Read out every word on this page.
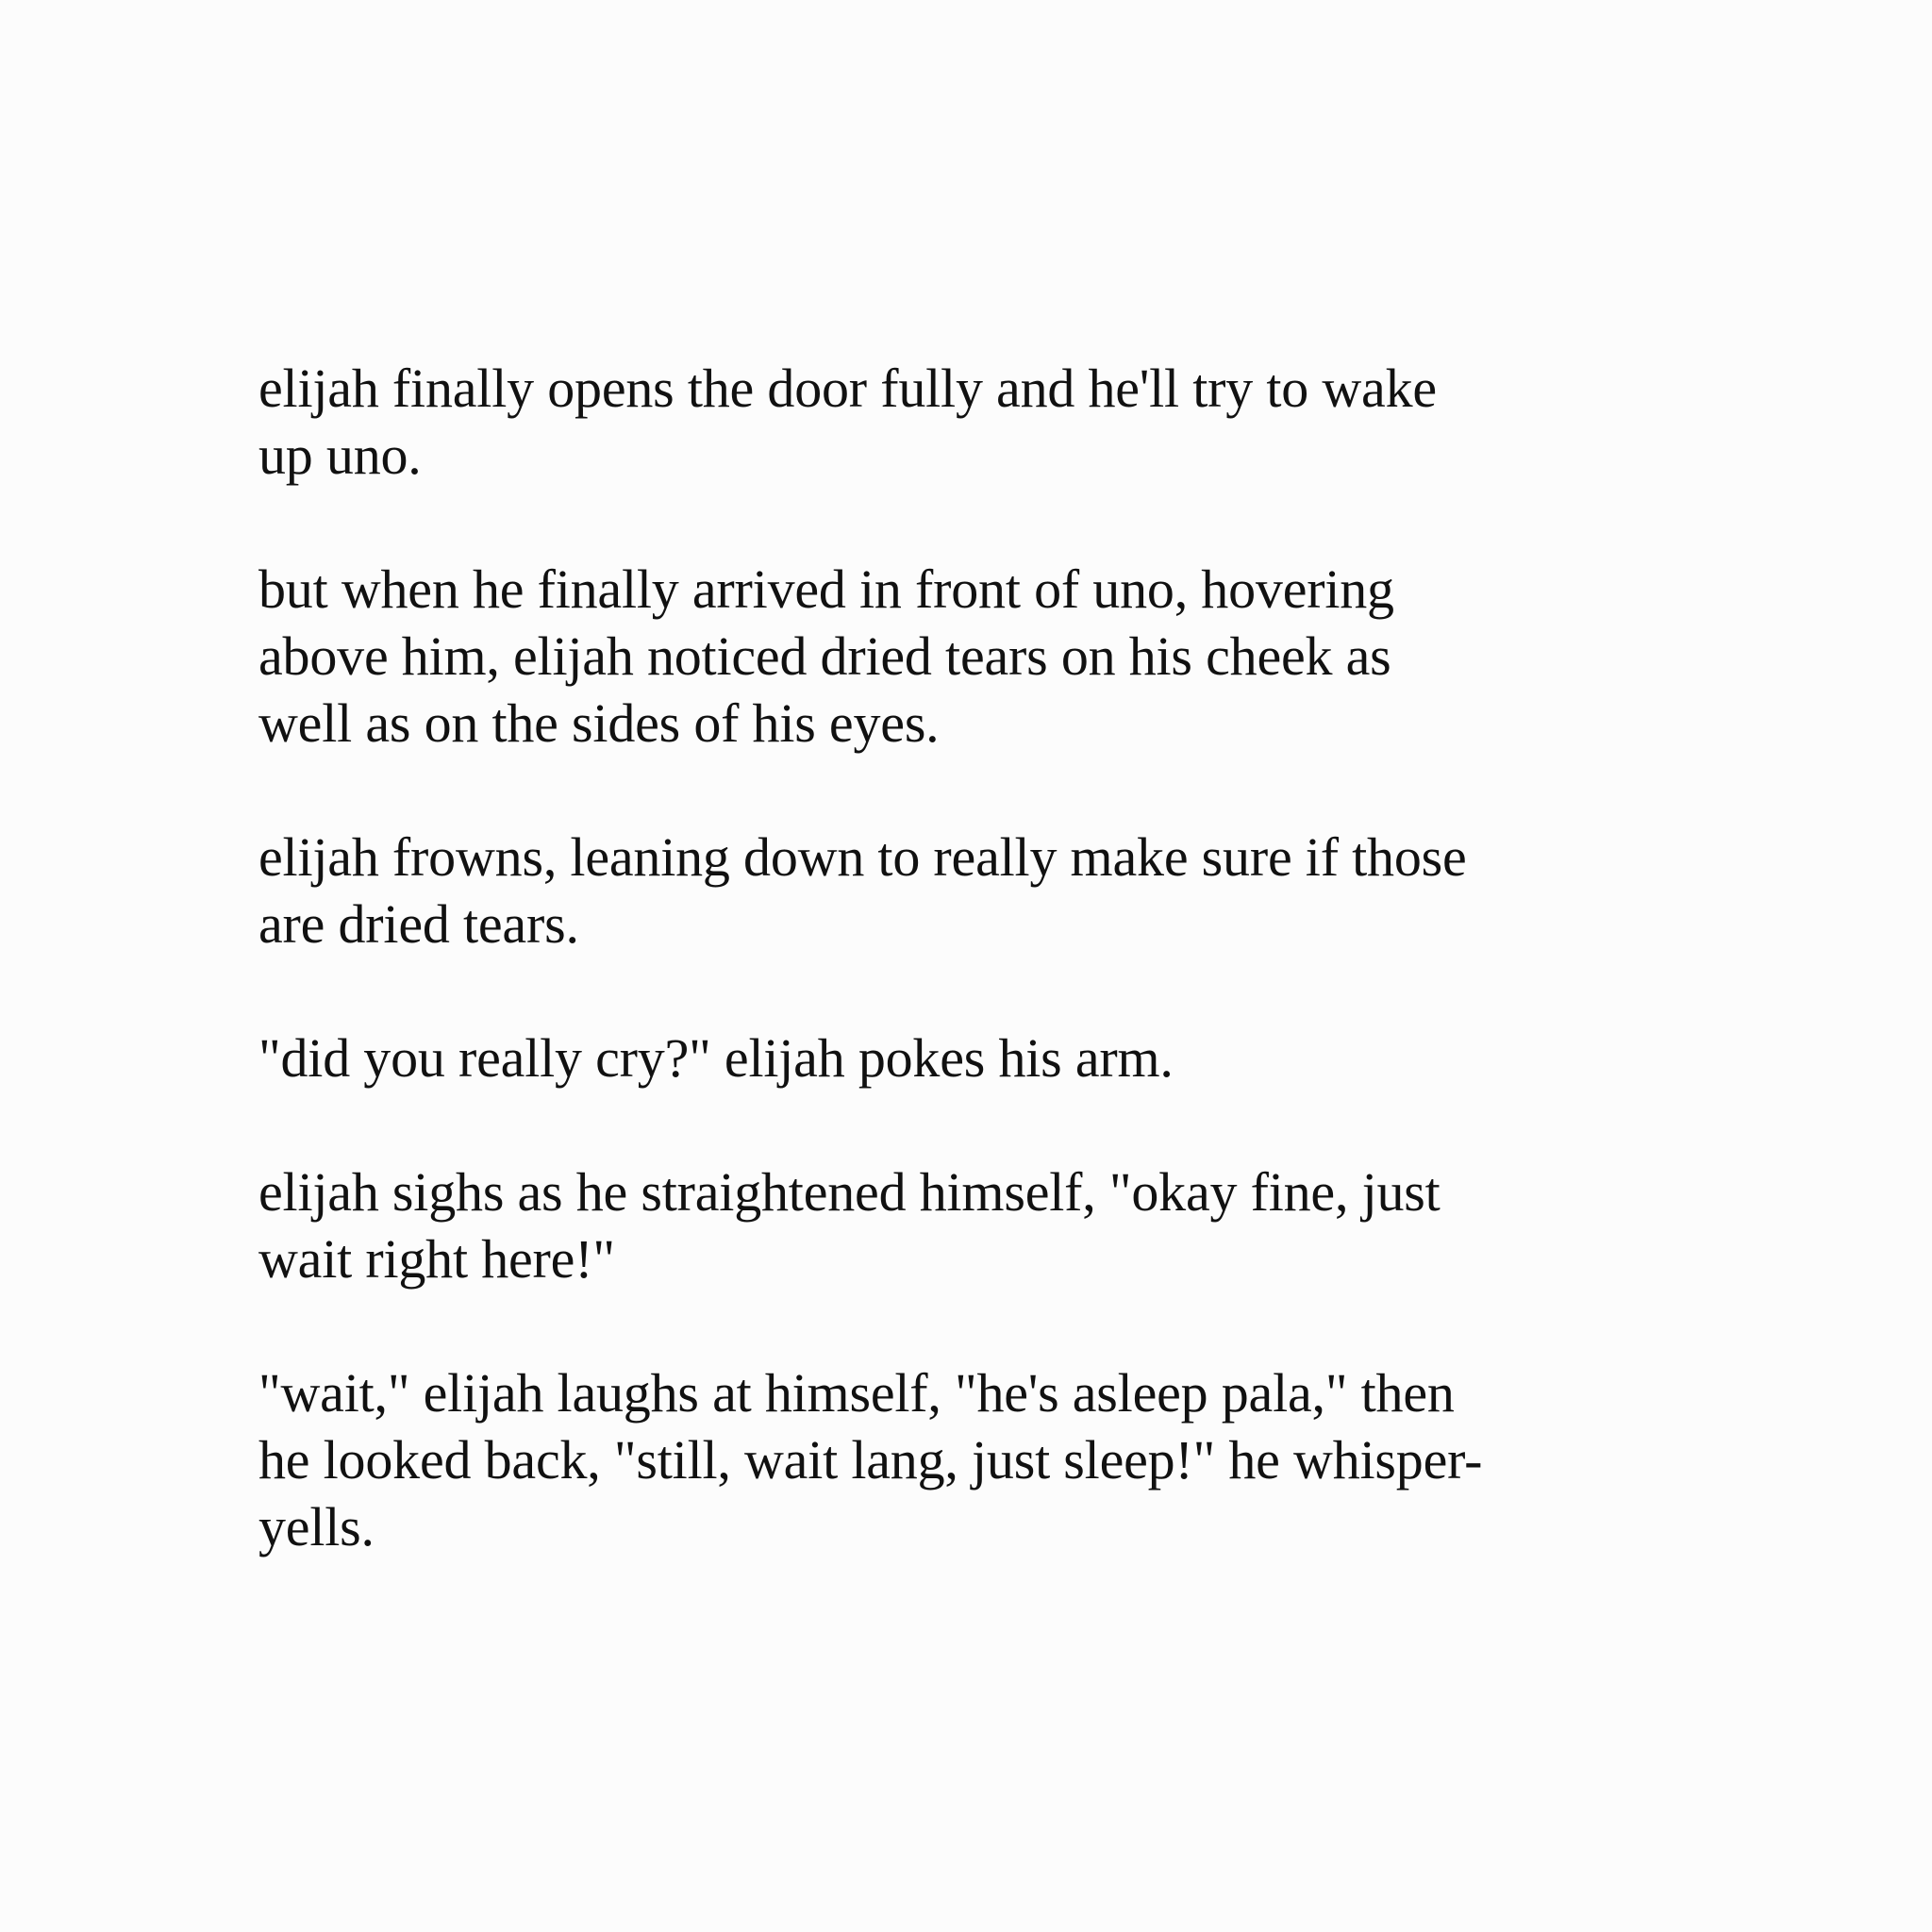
elijah finally opens the door fully and he'll try to wake
up uno.

but when he finally arrived in front of uno, hovering
above him, elijah noticed dried tears on his cheek as
well as on the sides of his eyes.

elijah frowns, leaning down to really make sure if those
are dried tears.

"did you really cry?" elijah pokes his arm.

elijah sighs as he straightened himself, "okay fine, just
wait right here!"

"wait," elijah laughs at himself, "he's asleep pala," then
he looked back, "still, wait lang, just sleep!" he whisper-
yells.
